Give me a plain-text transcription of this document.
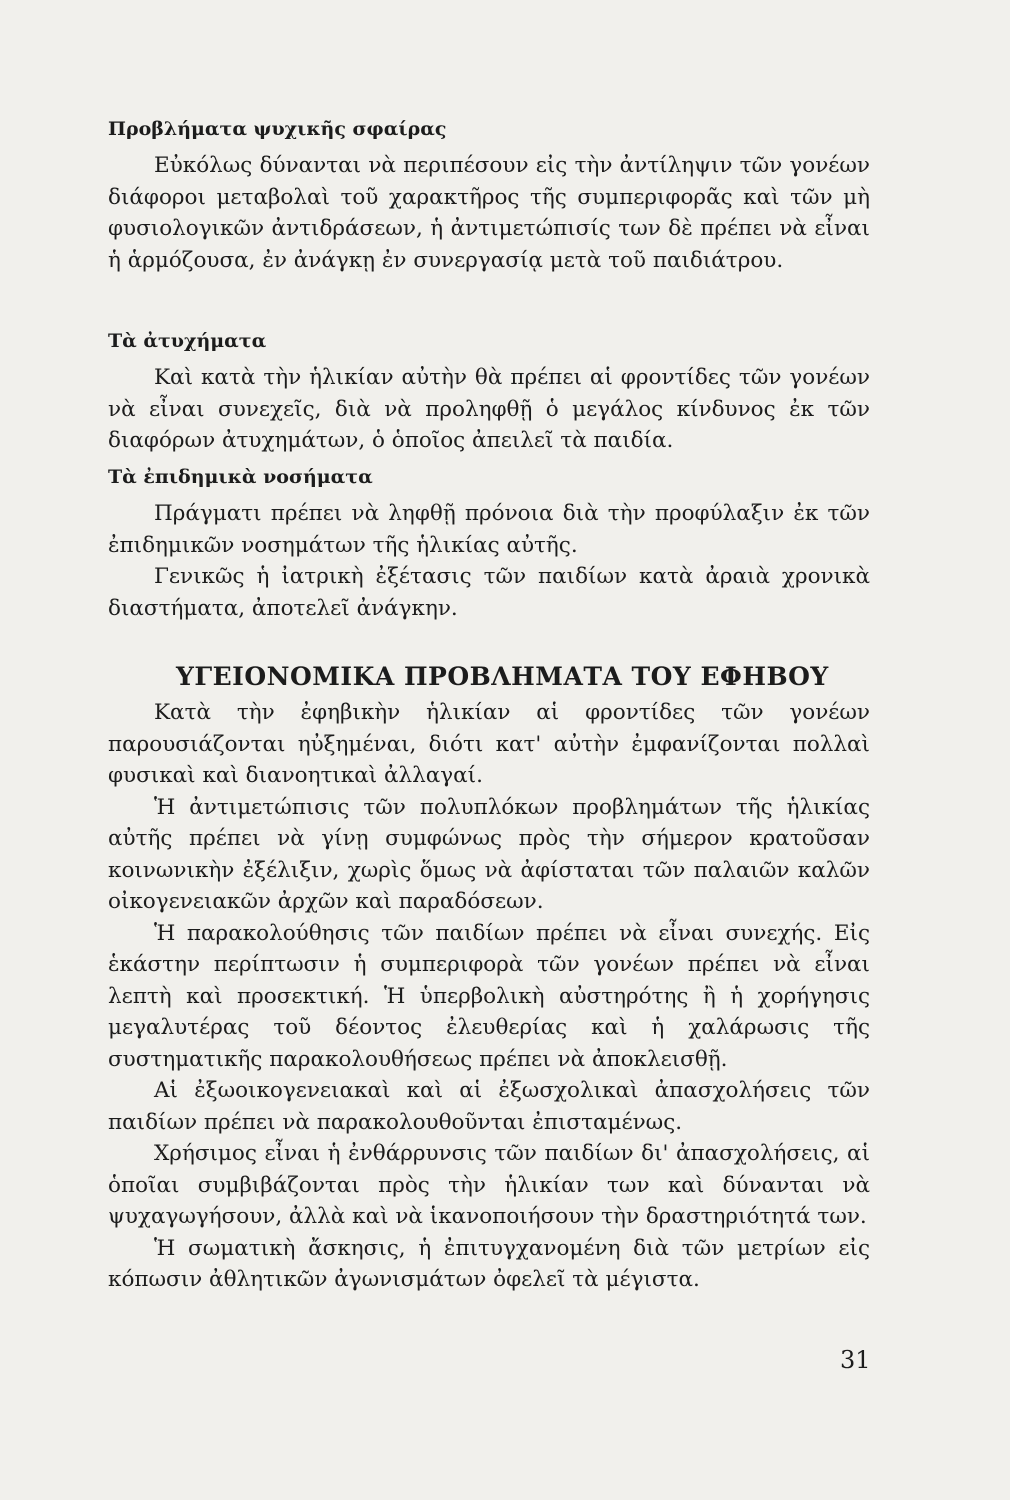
Προβλήματα ψυχικῆς σφαίρας

Εὐκόλως δύνανται νὰ περιπέσουν εἰς τὴν ἀντίληψιν τῶν γονέων διάφοροι μεταβολαὶ τοῦ χαρακτῆρος τῆς συμπεριφορᾶς καὶ τῶν μὴ φυσιολογικῶν ἀντιδράσεων, ἡ ἀντιμετώπισίς των δὲ πρέπει νὰ εἶναι ἡ ἁρμόζουσα, ἐν ἀνάγκῃ ἐν συνεργασίᾳ μετὰ τοῦ παιδιάτρου.

Τὰ ἀτυχήματα

Καὶ κατὰ τὴν ἡλικίαν αὐτὴν θὰ πρέπει αἱ φροντίδες τῶν γονέων νὰ εἶναι συνεχεῖς, διὰ νὰ προληφθῇ ὁ μεγάλος κίνδυνος ἐκ τῶν διαφόρων ἀτυχημάτων, ὁ ὁποῖος ἀπειλεῖ τὰ παιδία.

Τὰ ἐπιδημικὰ νοσήματα

Πράγματι πρέπει νὰ ληφθῇ πρόνοια διὰ τὴν προφύλαξιν ἐκ τῶν ἐπιδημικῶν νοσημάτων τῆς ἡλικίας αὐτῆς.

Γενικῶς ἡ ἰατρικὴ ἐξέτασις τῶν παιδίων κατὰ ἀραιὰ χρονικὰ διαστήματα, ἀποτελεῖ ἀνάγκην.

ΥΓΕΙΟΝΟΜΙΚΑ ΠΡΟΒΛΗΜΑΤΑ ΤΟΥ ΕΦΗΒΟΥ

Κατὰ τὴν ἐφηβικὴν ἡλικίαν αἱ φροντίδες τῶν γονέων παρουσιάζονται ηὐξημέναι, διότι κατ' αὐτὴν ἐμφανίζονται πολλαὶ φυσικαὶ καὶ διανοητικαὶ ἀλλαγαί.

Ἡ ἀντιμετώπισις τῶν πολυπλόκων προβλημάτων τῆς ἡλικίας αὐτῆς πρέπει νὰ γίνῃ συμφώνως πρὸς τὴν σήμερον κρατοῦσαν κοινωνικὴν ἐξέλιξιν, χωρὶς ὅμως νὰ ἀφίσταται τῶν παλαιῶν καλῶν οἰκογενειακῶν ἀρχῶν καὶ παραδόσεων.

Ἡ παρακολούθησις τῶν παιδίων πρέπει νὰ εἶναι συνεχής. Εἰς ἑκάστην περίπτωσιν ἡ συμπεριφορὰ τῶν γονέων πρέπει νὰ εἶναι λεπτὴ καὶ προσεκτική. Ἡ ὑπερβολικὴ αὐστηρότης ἢ ἡ χορήγησις μεγαλυτέρας τοῦ δέοντος ἐλευθερίας καὶ ἡ χαλάρωσις τῆς συστηματικῆς παρακολουθήσεως πρέπει νὰ ἀποκλεισθῇ.

Αἱ ἐξωοικογενειακαὶ καὶ αἱ ἐξωσχολικαὶ ἀπασχολήσεις τῶν παιδίων πρέπει νὰ παρακολουθοῦνται ἐπισταμένως.

Χρήσιμος εἶναι ἡ ἐνθάρρυνσις τῶν παιδίων δι' ἀπασχολήσεις, αἱ ὁποῖαι συμβιβάζονται πρὸς τὴν ἡλικίαν των καὶ δύνανται νὰ ψυχαγωγήσουν, ἀλλὰ καὶ νὰ ἱκανοποιήσουν τὴν δραστηριότητά των.

Ἡ σωματικὴ ἄσκησις, ἡ ἐπιτυγχανομένη διὰ τῶν μετρίων εἰς κόπωσιν ἀθλητικῶν ἀγωνισμάτων ὀφελεῖ τὰ μέγιστα.

31
